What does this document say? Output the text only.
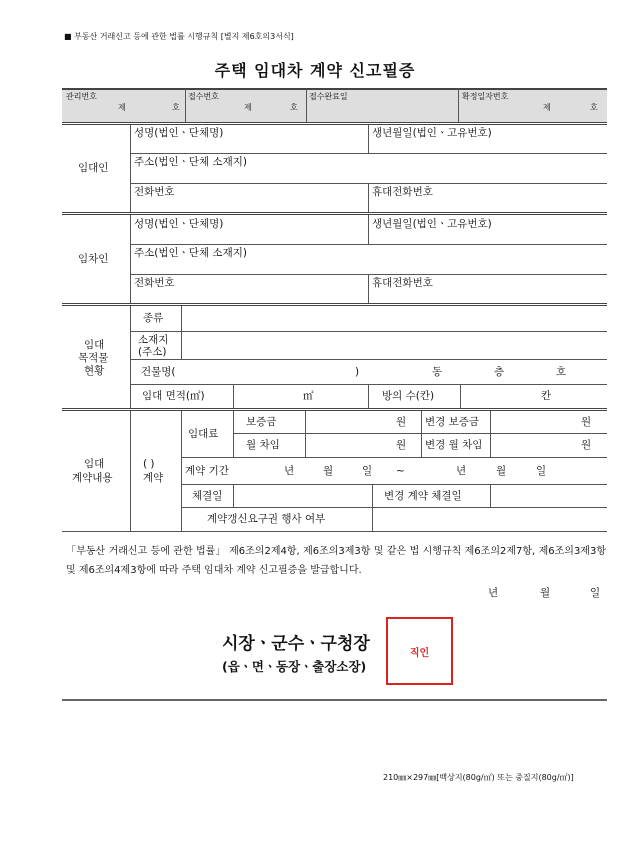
■ 부동산 거래신고 등에 관한 법률 시행규칙 [별지 제6호의3서식]
주택 임대차 계약 신고필증
관리번호
제	호
접수번호
제	호
접수완료일	확정일자번호
제	호
임대인
성명(법인ㆍ단체명)	생년월일(법인ㆍ고유번호)
주소(법인ㆍ단체 소재지)
전화번호	휴대전화번호
임차인
성명(법인ㆍ단체명)	생년월일(법인ㆍ고유번호)
주소(법인ㆍ단체 소재지)
전화번호	휴대전화번호
임대
목적물
현황
종류
소재지
(주소)
건물명(	)	동	층	호
임대 면적(㎡)	㎡	방의 수(칸)	칸
임대
계약내용
( )
계약
임대료
보증금	원 변경 보증금	원
월 차임	원 변경 월 차임	원
계약 기간	년	월	일 ~	년	월	일
체결일	변경 계약 체결일
계약갱신요구권 행사 여부
「부동산 거래신고 등에 관한 법률」 제6조의2제4항, 제6조의3제3항 및 같은 법 시행규칙 제6조의2제7항, 제6조의3제3항 및 제6조의4제3항에 따라 주택 임대차 계약 신고필증을 발급합니다.
년	월	일
시장ㆍ군수ㆍ구청장
(읍ㆍ면ㆍ동장ㆍ출장소장)
직인
210㎜×297㎜[백상지(80g/㎡) 또는 중질지(80g/㎡)]
